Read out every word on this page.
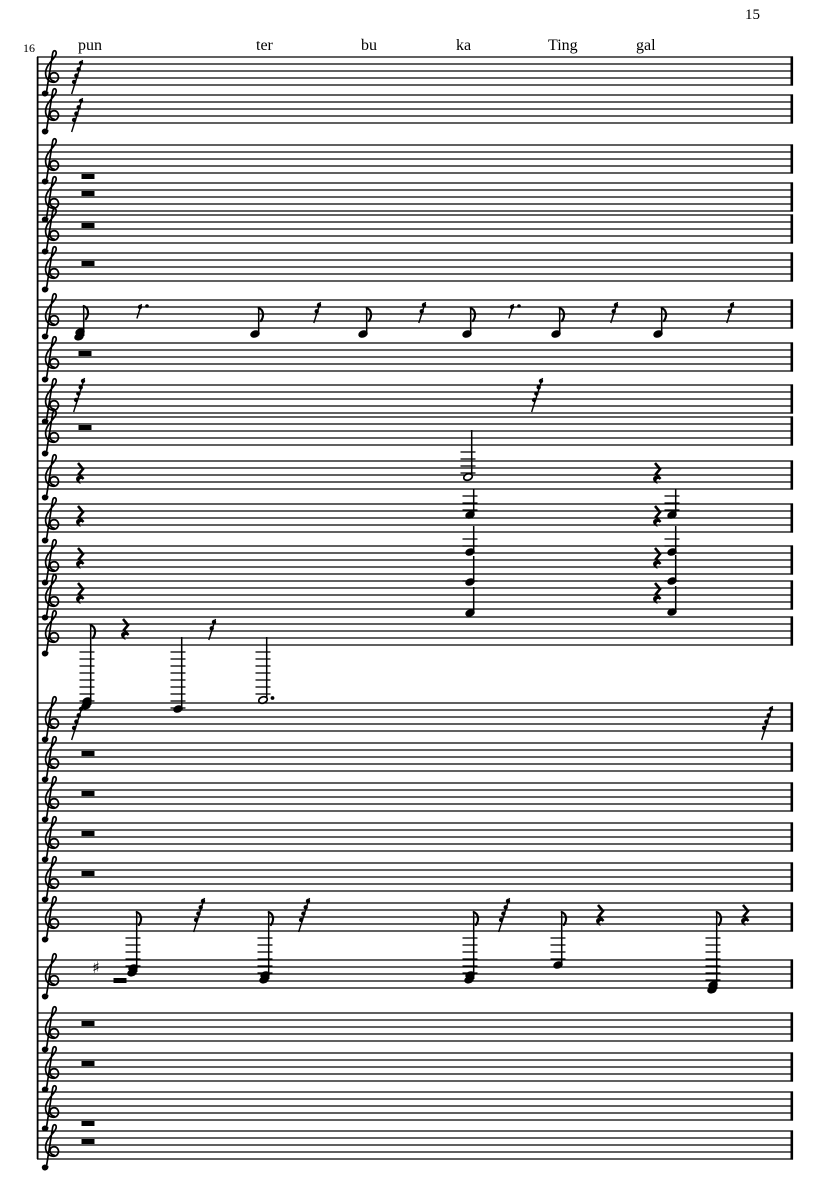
15
16
♯
pun	ter	bu	ka	Ting	gal
